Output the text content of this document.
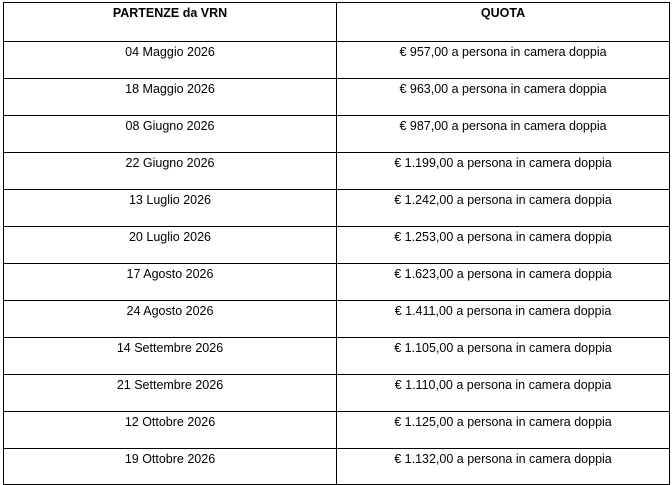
PARTENZE da VRN	QUOTA
04 Maggio 2026	€ 957,00 a persona in camera doppia
18 Maggio 2026	€ 963,00 a persona in camera doppia
08 Giugno 2026	€ 987,00 a persona in camera doppia
22 Giugno 2026	€ 1.199,00 a persona in camera doppia
13 Luglio 2026	€ 1.242,00 a persona in camera doppia
20 Luglio 2026	€ 1.253,00 a persona in camera doppia
17 Agosto 2026	€ 1.623,00 a persona in camera doppia
24 Agosto 2026	€ 1.411,00 a persona in camera doppia
14 Settembre 2026	€ 1.105,00 a persona in camera doppia
21 Settembre 2026	€ 1.110,00 a persona in camera doppia
12 Ottobre 2026	€ 1.125,00 a persona in camera doppia
19 Ottobre 2026	€ 1.132,00 a persona in camera doppia
